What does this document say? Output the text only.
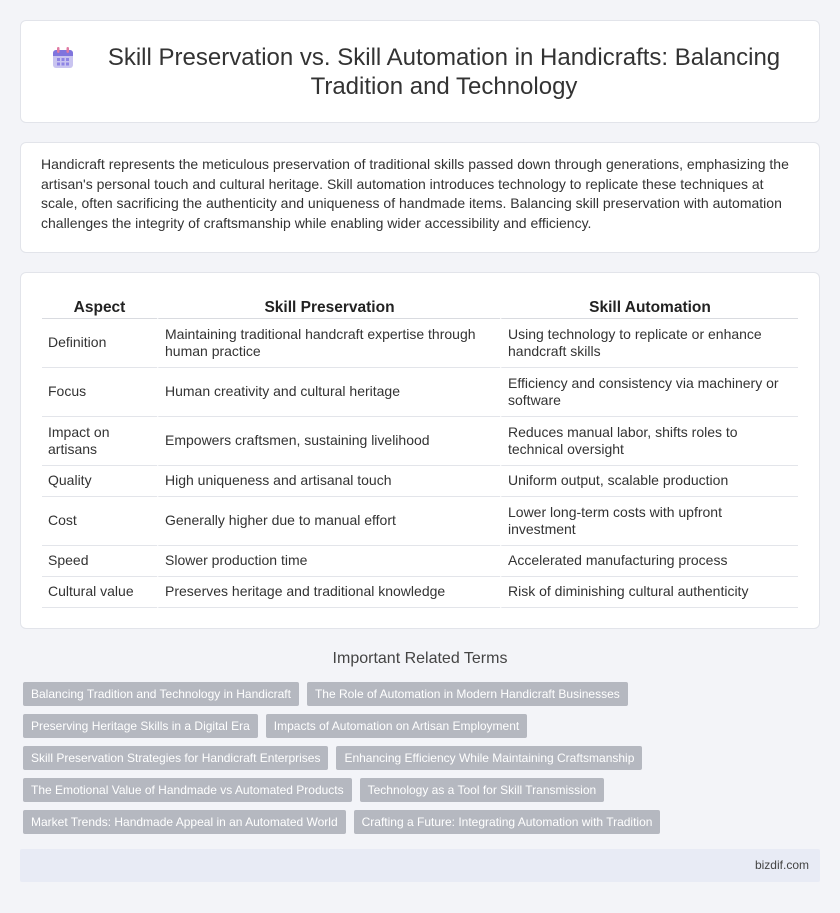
Skill Preservation vs. Skill Automation in Handicrafts: Balancing Tradition and Technology

Handicraft represents the meticulous preservation of traditional skills passed down through generations, emphasizing the artisan's personal touch and cultural heritage. Skill automation introduces technology to replicate these techniques at scale, often sacrificing the authenticity and uniqueness of handmade items. Balancing skill preservation with automation challenges the integrity of craftsmanship while enabling wider accessibility and efficiency.

Aspect	Skill Preservation	Skill Automation
Definition	Maintaining traditional handcraft expertise through human practice	Using technology to replicate or enhance handcraft skills
Focus	Human creativity and cultural heritage	Efficiency and consistency via machinery or software
Impact on artisans	Empowers craftsmen, sustaining livelihood	Reduces manual labor, shifts roles to technical oversight
Quality	High uniqueness and artisanal touch	Uniform output, scalable production
Cost	Generally higher due to manual effort	Lower long-term costs with upfront investment
Speed	Slower production time	Accelerated manufacturing process
Cultural value	Preserves heritage and traditional knowledge	Risk of diminishing cultural authenticity
Important Related Terms
Balancing Tradition and Technology in Handicraft	The Role of Automation in Modern Handicraft Businesses
Preserving Heritage Skills in a Digital Era	Impacts of Automation on Artisan Employment
Skill Preservation Strategies for Handicraft Enterprises	Enhancing Efficiency While Maintaining Craftsmanship
The Emotional Value of Handmade vs Automated Products	Technology as a Tool for Skill Transmission
Market Trends: Handmade Appeal in an Automated World	Crafting a Future: Integrating Automation with Tradition
bizdif.com
